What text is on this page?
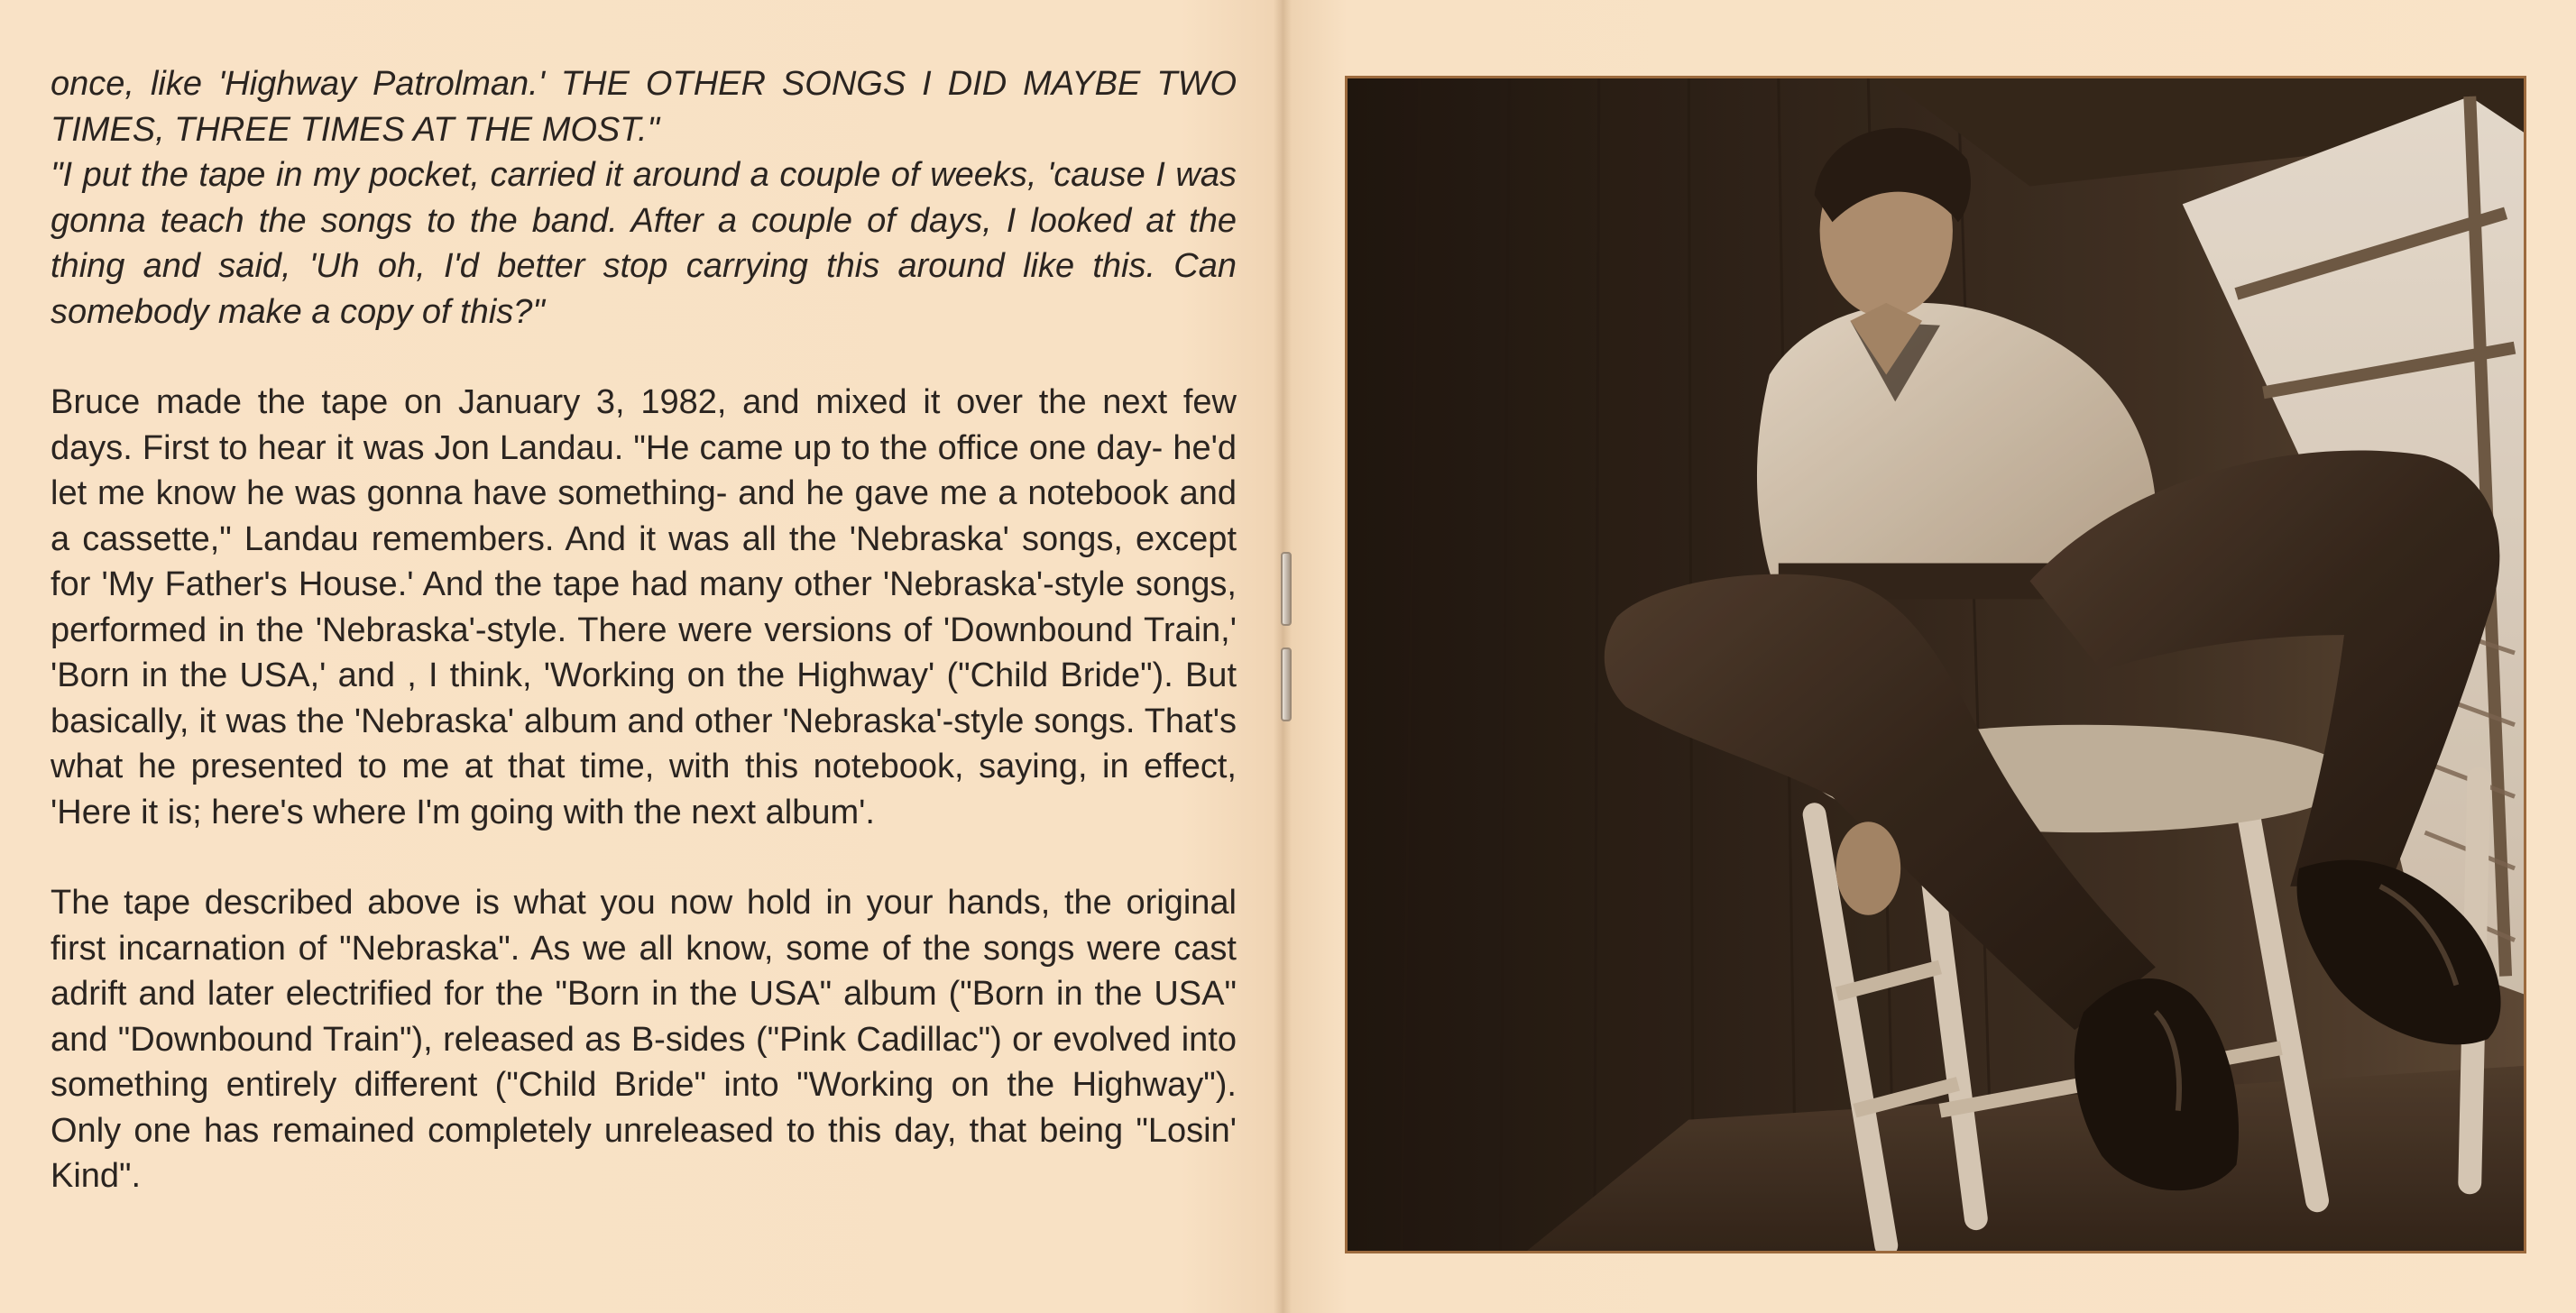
once, like 'Highway Patrolman.' THE OTHER SONGS I DID MAYBE TWO TIMES, THREE TIMES AT THE MOST."

"I put the tape in my pocket, carried it around a couple of weeks, 'cause I was gonna teach the songs to the band. After a couple of days, I looked at the thing and said, 'Uh oh, I'd better stop carrying this around like this. Can somebody make a copy of this?"

Bruce made the tape on January 3, 1982, and mixed it over the next few days. First to hear it was Jon Landau. "He came up to the office one day- he'd let me know he was gonna have something- and he gave me a notebook and a cassette," Landau remembers. And it was all the 'Nebraska' songs, except for 'My Father's House.' And the tape had many other 'Nebraska'-style songs, performed in the 'Nebraska'-style. There were versions of 'Downbound Train,' 'Born in the USA,' and , I think, 'Working on the Highway' ("Child Bride"). But basically, it was the 'Nebraska' album and other 'Nebraska'-style songs. That's what he presented to me at that time, with this notebook, saying, in effect, 'Here it is; here's where I'm going with the next album'.

The tape described above is what you now hold in your hands, the original first incarnation of "Nebraska". As we all know, some of the songs were cast adrift and later electrified for the "Born in the USA" album ("Born in the USA" and "Downbound Train"), released as B-sides ("Pink Cadillac") or evolved into something entirely different ("Child Bride" into "Working on the Highway"). Only one has remained completely unreleased to this day, that being "Losin' Kind".
